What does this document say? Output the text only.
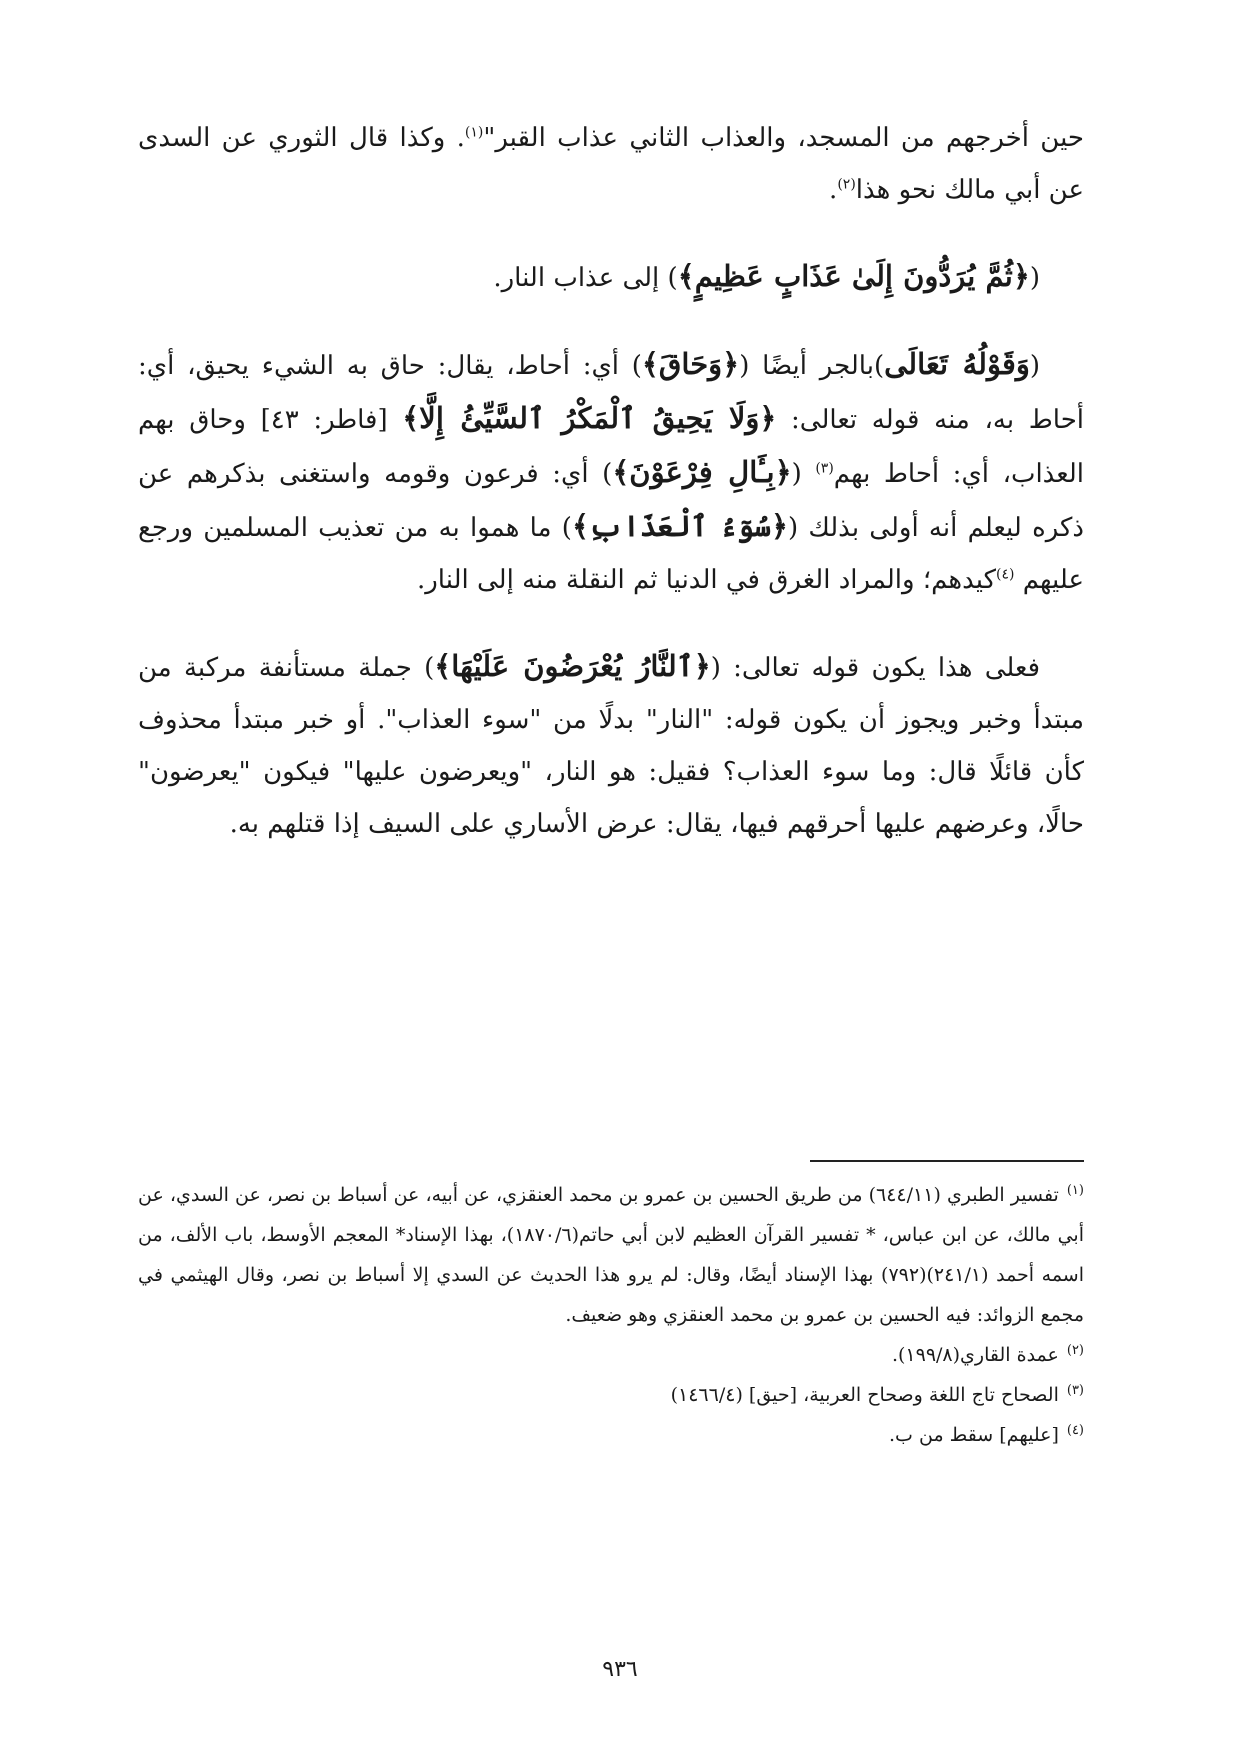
حين أخرجهم من المسجد، والعذاب الثاني عذاب القبر"$^{(١)}$. وكذا قال الثوري عن السدى عن أبي مالك نحو هذا$^{(٢)}$.

(﴿ثُمَّ يُرَدُّونَ إِلَىٰ عَذَابٍ عَظِيمٍ﴾) إلى عذاب النار.

(وَقَوْلُهُ تَعَالَى)بالجر أيضًا (﴿وَحَاقَ﴾) أي: أحاط، يقال: حاق به الشيء يحيق، أي: أحاط به، منه قوله تعالى: ﴿وَلَا يَحِيقُ ٱلْمَكْرُ ٱلسَّيِّئُ إِلَّا﴾ [فاطر: ٤٣] وحاق بهم العذاب، أي: أحاط بهم$^{(٣)}$ (﴿بِـَٔالِ فِرْعَوْنَ﴾) أي: فرعون وقومه واستغنى بذكرهم عن ذكره ليعلم أنه أولى بذلك (﴿سُوٓءُ ٱلْعَذَابِ﴾) ما هموا به من تعذيب المسلمين ورجع عليهم $^{(٤)}$كيدهم؛ والمراد الغرق في الدنيا ثم النقلة منه إلى النار.

فعلى هذا يكون قوله تعالى: (﴿ٱلنَّارُ يُعْرَضُونَ عَلَيْهَا﴾) جملة مستأنفة مركبة من مبتدأ وخبر ويجوز أن يكون قوله: "النار" بدلًا من "سوء العذاب". أو خبر مبتدأ محذوف كأن قائلًا قال: وما سوء العذاب؟ فقيل: هو النار، "ويعرضون عليها" فيكون "يعرضون" حالًا، وعرضهم عليها أحرقهم فيها، يقال: عرض الأساري على السيف إذا قتلهم به.

$^{(١)}$تفسير الطبري (٦٤٤/١١) من طريق الحسين بن عمرو بن محمد العنقزي، عن أبيه، عن أسباط بن نصر، عن السدي، عن أبي مالك، عن ابن عباس، * تفسير القرآن العظيم لابن أبي حاتم(١٨٧٠/٦)، بهذا الإسناد* المعجم الأوسط، باب الألف، من اسمه أحمد (٢٤١/١)(٧٩٢) بهذا الإسناد أيضًا، وقال: لم يرو هذا الحديث عن السدي إلا أسباط بن نصر، وقال الهيثمي في مجمع الزوائد: فيه الحسين بن عمرو بن محمد العنقزي وهو ضعيف.

$^{(٢)}$عمدة القاري(١٩٩/٨).

$^{(٣)}$الصحاح تاج اللغة وصحاح العربية، [حيق] (١٤٦٦/٤)

$^{(٤)}$[عليهم] سقط من ب.

٩٣٦
